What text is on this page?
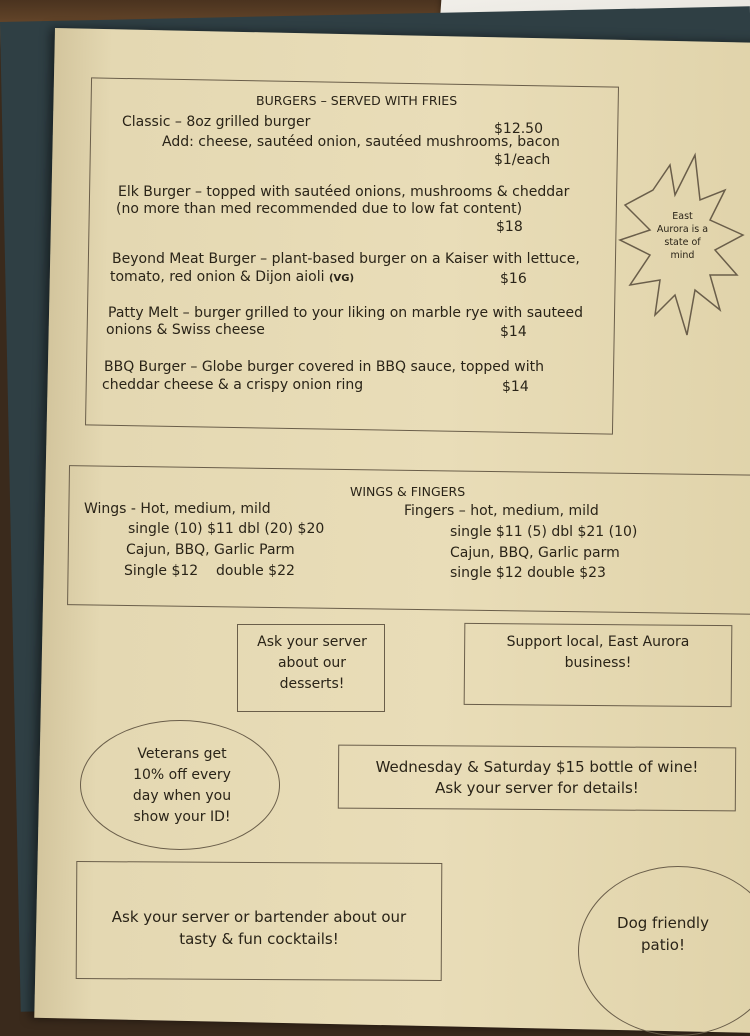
BURGERS – SERVED WITH FRIES
Classic – 8oz grilled burger	$12.50
Add: cheese, sautéed onion, sautéed mushrooms, bacon
$1/each
Elk Burger – topped with sautéed onions, mushrooms & cheddar
(no more than med recommended due to low fat content)
$18
Beyond Meat Burger – plant-based burger on a Kaiser with lettuce,
tomato, red onion & Dijon aioli (VG)	$16
Patty Melt – burger grilled to your liking on marble rye with sauteed
onions & Swiss cheese	$14
BBQ Burger – Globe burger covered in BBQ sauce, topped with
cheddar cheese & a crispy onion ring	$14
East Aurora is a state of mind
WINGS & FINGERS
Wings - Hot, medium, mild
single (10) $11 dbl (20) $20
Cajun, BBQ, Garlic Parm
Single $12    double $22
Fingers – hot, medium, mild
single $11 (5) dbl $21 (10)
Cajun, BBQ, Garlic parm
single $12 double $23
Ask your server about our desserts!
Support local, East Aurora business!
Veterans get 10% off every day when you show your ID!
Wednesday & Saturday $15 bottle of wine!
Ask your server for details!
Ask your server or bartender about our tasty & fun cocktails!
Dog friendly patio!
